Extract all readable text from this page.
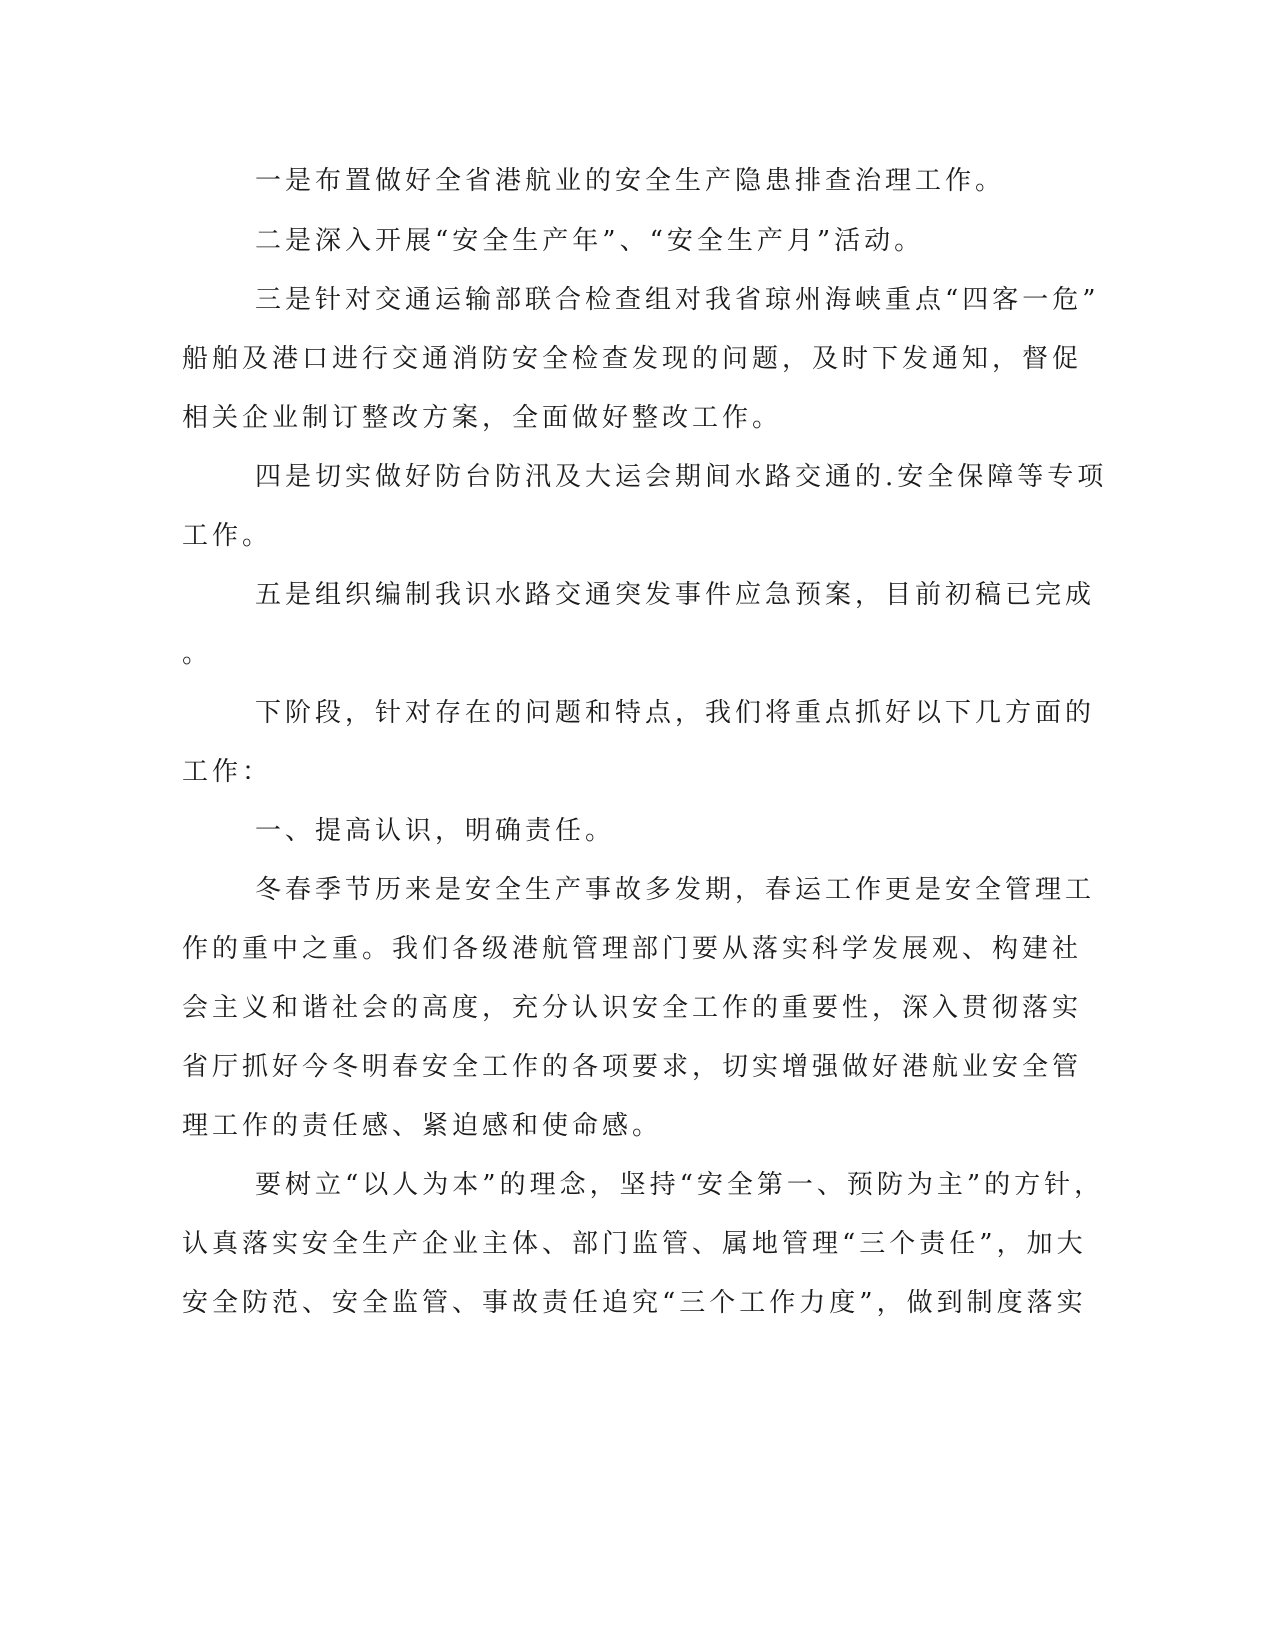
一是布置做好全省港航业的安全生产隐患排查治理工作。
二是深入开展“安全生产年”、“安全生产月”活动。
三是针对交通运输部联合检查组对我省琼州海峡重点“四客一危”
船舶及港口进行交通消防安全检查发现的问题，及时下发通知，督促
相关企业制订整改方案，全面做好整改工作。
四是切实做好防台防汛及大运会期间水路交通的.安全保障等专项
工作。
五是组织编制我识水路交通突发事件应急预案，目前初稿已完成
。
下阶段，针对存在的问题和特点，我们将重点抓好以下几方面的
工作：
一、提高认识，明确责任。
冬春季节历来是安全生产事故多发期，春运工作更是安全管理工
作的重中之重。我们各级港航管理部门要从落实科学发展观、构建社
会主义和谐社会的高度，充分认识安全工作的重要性，深入贯彻落实
省厅抓好今冬明春安全工作的各项要求，切实增强做好港航业安全管
理工作的责任感、紧迫感和使命感。
要树立“以人为本”的理念，坚持“安全第一、预防为主”的方针，
认真落实安全生产企业主体、部门监管、属地管理“三个责任”，加大
安全防范、安全监管、事故责任追究“三个工作力度”，做到制度落实
